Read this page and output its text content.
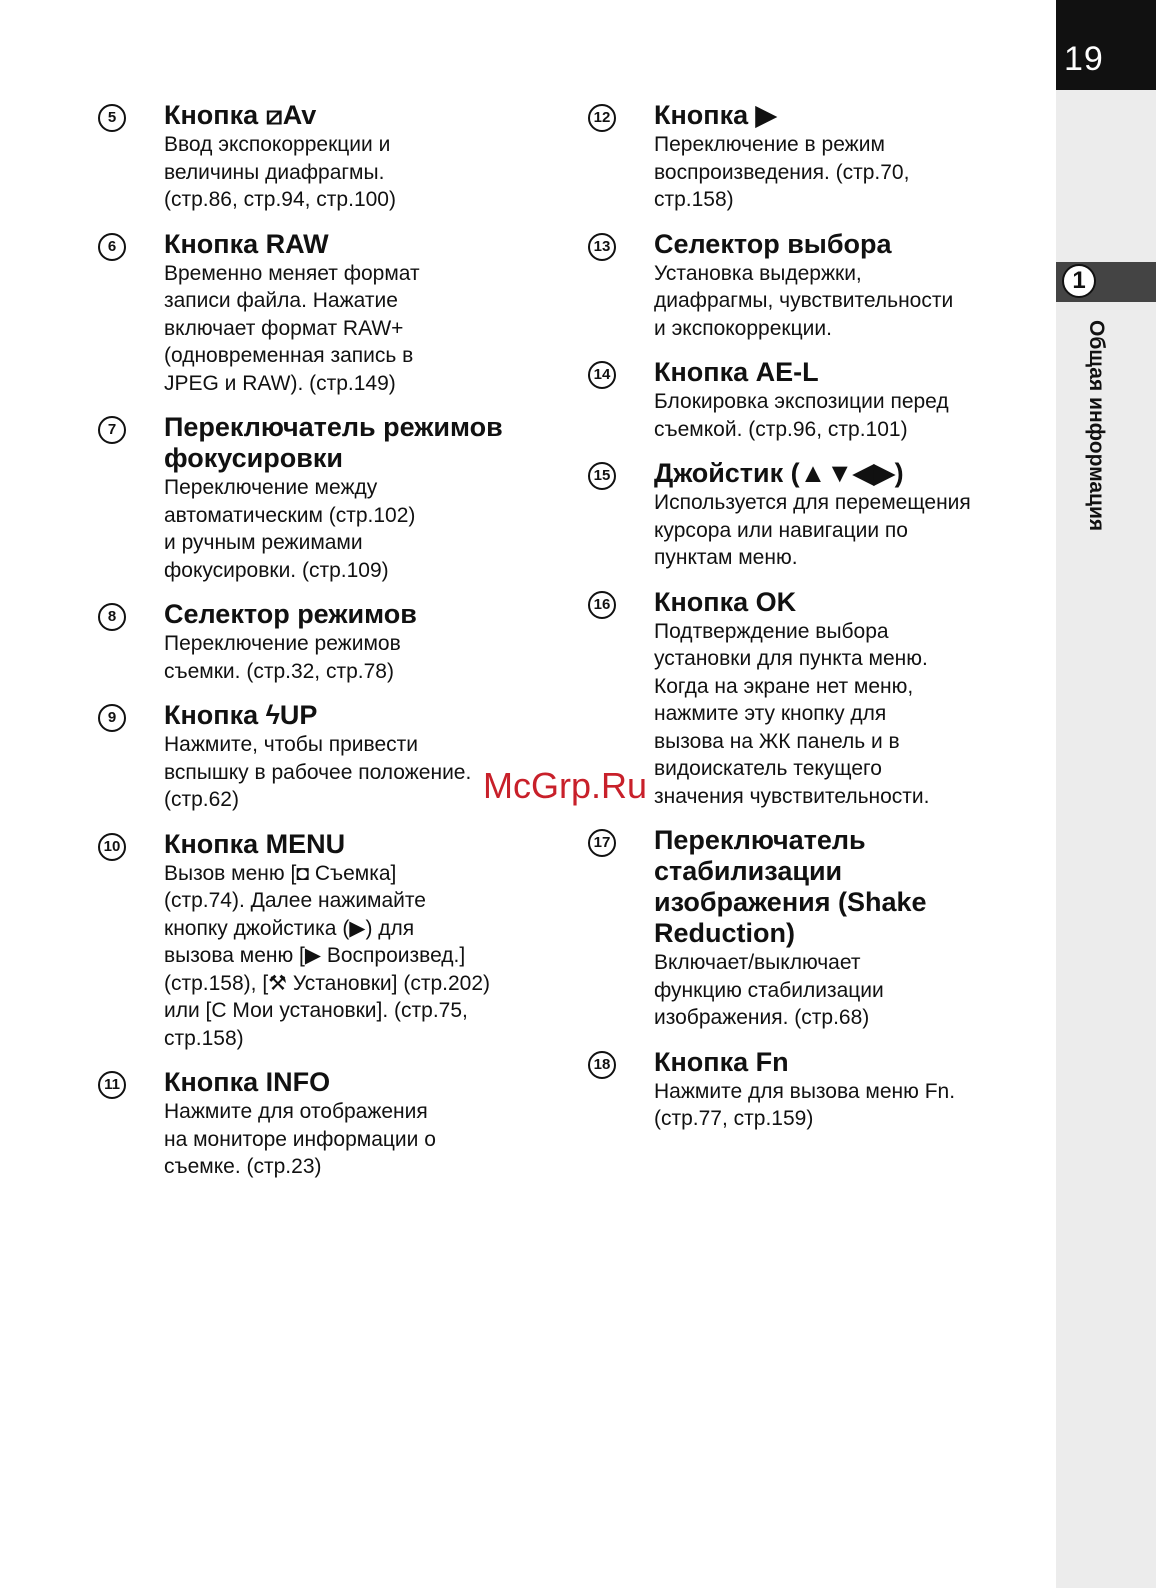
19
1
Общая информация
5	Кнопка ⧄Av

Ввод экспокоррекции и

величины диафрагмы.

(стр.86, стр.94, стр.100)

6	Кнопка RAW

Временно меняет формат

записи файла. Нажатие

включает формат RAW+

(одновременная запись в

JPEG и RAW). (стр.149)

7	Переключатель режимов фокусировки

Переключение между

автоматическим (стр.102)

и ручным режимами

фокусировки. (стр.109)

8	Селектор режимов

Переключение режимов

съемки. (стр.32, стр.78)

9	Кнопка ϟUP

Нажмите, чтобы привести

вспышку в рабочее положение.

(стр.62)

10 Кнопка MENU

Вызов меню [◘ Съемка]

(стр.74). Далее нажимайте

кнопку джойстика (▶) для

вызова меню [▶ Воспроизвед.]

(стр.158), [⚒ Установки] (стр.202)

или [C Мои установки]. (стр.75,

стр.158)

11 Кнопка INFO

Нажмите для отображения

на мониторе информации о

съемке. (стр.23)

12 Кнопка ▶

Переключение в режим

воспроизведения. (стр.70,

стр.158)

13 Селектор выбора

Установка выдержки,

диафрагмы, чувствительности

и экспокоррекции.

14 Кнопка AE-L

Блокировка экспозиции перед

съемкой. (стр.96, стр.101)

15 Джойстик (▲▼◀▶)

Используется для перемещения

курсора или навигации по

пунктам меню.

16 Кнопка OK

Подтверждение выбора

установки для пункта меню.

Когда на экране нет меню,

нажмите эту кнопку для

вызова на ЖК панель и в

видоискатель текущего

значения чувствительности.

17 Переключатель стабилизации изображения (Shake Reduction)

Включает/выключает

функцию стабилизации

изображения. (стр.68)

18 Кнопка Fn

Нажмите для вызова меню Fn.

(стр.77, стр.159)

McGrp.Ru
